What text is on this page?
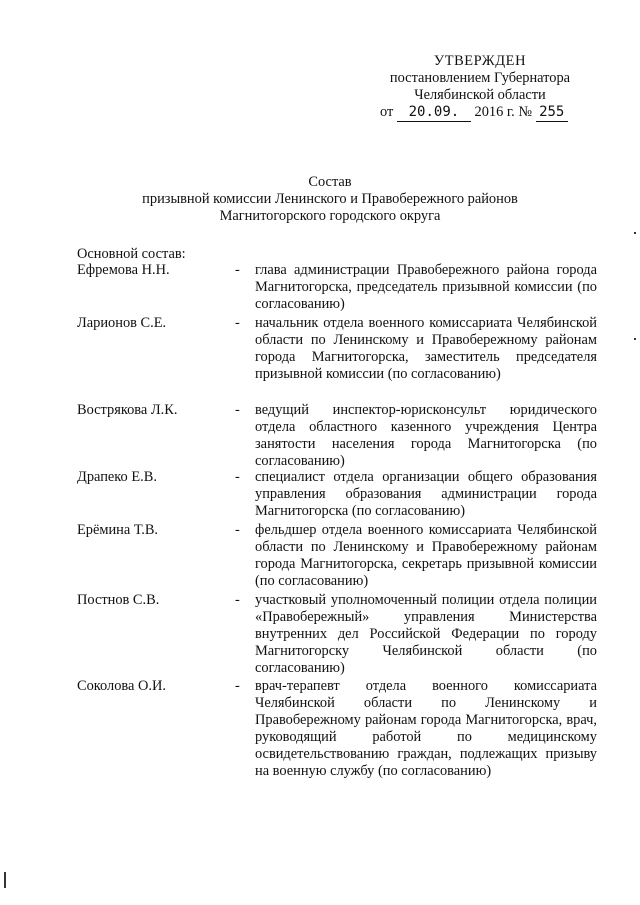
УТВЕРЖДЕН
постановлением Губернатора
Челябинской области
от 20.09. 2016 г. № 255
Состав
призывной комиссии Ленинского и Правобережного районов
Магнитогорского городского округа
Основной состав:
Ефремова Н.Н.	- глава администрации Правобережного района города Магнитогорска, председатель призывной комиссии (по согласованию)
Ларионов С.Е.	- начальник отдела военного комиссариата Челябинской области по Ленинскому и Правобережному районам города Магнитогорска, заместитель председателя призывной комиссии (по согласованию)
Вострякова Л.К.	- ведущий инспектор-юрисконсульт юридического отдела областного казенного учреждения Центра занятости населения города Магнитогорска (по согласованию)
Драпеко Е.В.	- специалист отдела организации общего образования управления образования администрации города Магнитогорска (по согласованию)
Ерёмина Т.В.	- фельдшер отдела военного комиссариата Челябинской области по Ленинскому и Правобережному районам города Магнитогорска, секретарь призывной комиссии (по согласованию)
Постнов С.В.	- участковый уполномоченный полиции отдела полиции «Правобережный» управления Министерства внутренних дел Российской Федерации по городу Магнитогорску Челябинской области (по согласованию)
Соколова О.И.	- врач-терапевт отдела военного комиссариата Челябинской области по Ленинскому и Правобережному районам города Магнитогорска, врач, руководящий работой по медицинскому освидетельствованию граждан, подлежащих призыву на военную службу (по согласованию)
